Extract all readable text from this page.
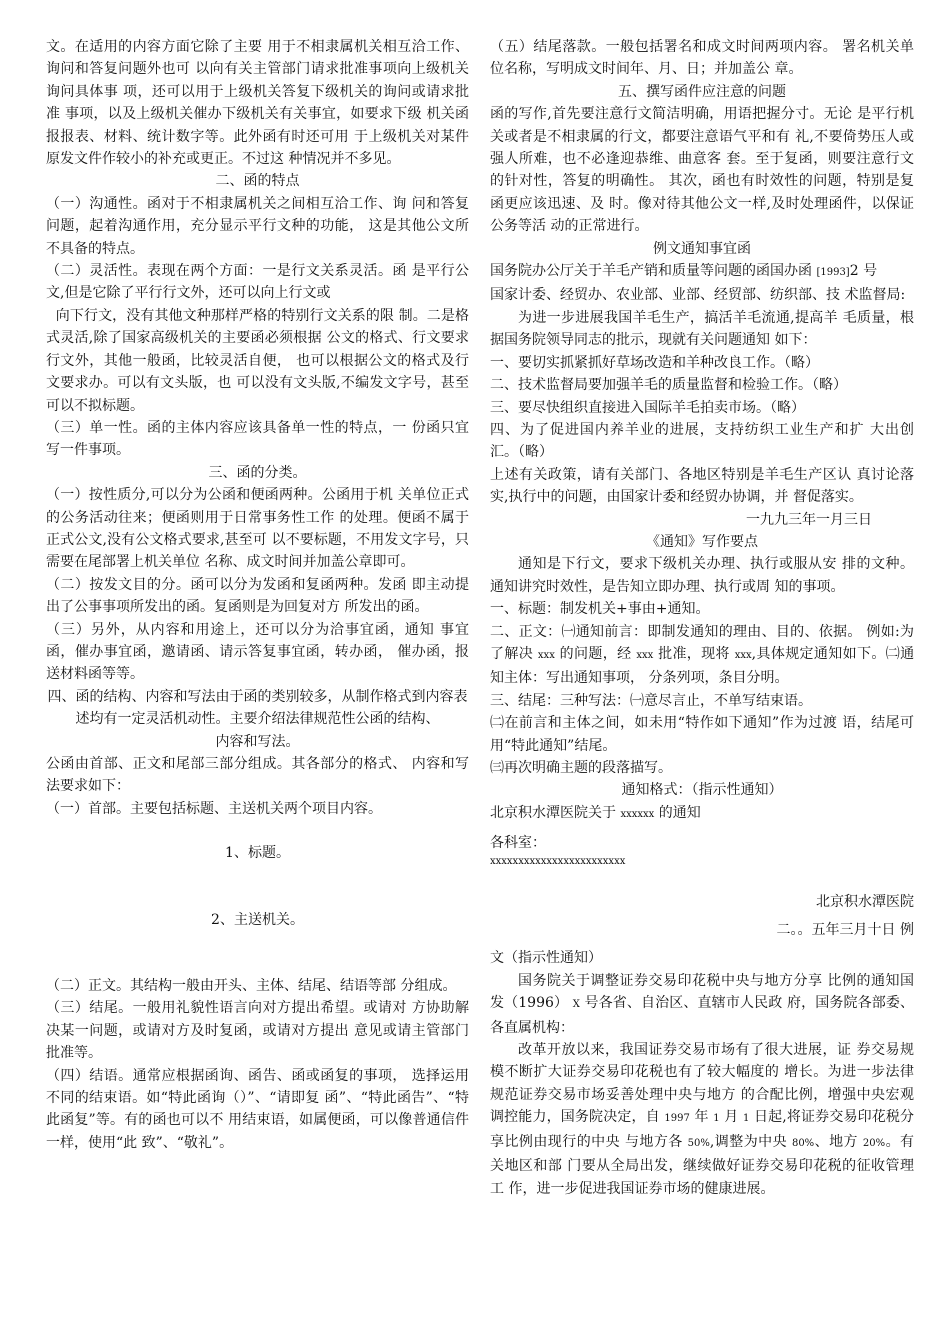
文。在适用的内容方面它除了主要 用于不相隶属机关相互洽工作、询问和答复问题外也可 以向有关主管部门请求批准事项向上级机关询问具体事 项，还可以用于上级机关答复下级机关的询问或请求批准 事项，以及上级机关催办下级机关有关事宜，如要求下级 机关函报报表、材料、统计数字等。此外函有时还可用 于上级机关对某件原发文件作较小的补充或更正。不过这 种情况并不多见。

二、函的特点

（一）沟通性。函对于不相隶属机关之间相互洽工作、询 问和答复问题，起着沟通作用，充分显示平行文种的功能， 这是其他公文所不具备的特点。

（二）灵活性。表现在两个方面：一是行文关系灵活。函 是平行公文,但是它除了平行行文外，还可以向上行文或

向下行文，没有其他文种那样严格的特别行文关系的限 制。二是格式灵活,除了国家高级机关的主要函必须根据 公文的格式、行文要求行文外，其他一般函，比较灵活自便， 也可以根据公文的格式及行文要求办。可以有文头版，也 可以没有文头版,不编发文字号，甚至可以不拟标题。

（三）单一性。函的主体内容应该具备单一性的特点，一 份函只宜写一件事项。

三、函的分类。

（一）按性质分,可以分为公函和便函两种。公函用于机 关单位正式的公务活动往来；便函则用于日常事务性工作 的处理。便函不属于正式公文,没有公文格式要求,甚至可 以不要标题，不用发文字号，只需要在尾部署上机关单位 名称、成文时间并加盖公章即可。

（二）按发文目的分。函可以分为发函和复函两种。发函 即主动提出了公事事项所发出的函。复函则是为回复对方 所发出的函。

（三）另外，从内容和用途上，还可以分为洽事宜函，通知 事宜函，催办事宜函，邀请函、请示答复事宜函，转办函， 催办函，报送材料函等等。

四、函的结构、内容和写法由于函的类别较多，从制作格式到内容表述均有一定灵活机动性。主要介绍法律规范性公函的结构、

内容和写法。

公函由首部、正文和尾部三部分组成。其各部分的格式、 内容和写法要求如下：

（一）首部。主要包括标题、主送机关两个项目内容。

1、标题。

2、主送机关。

（二）正文。其结构一般由开头、主体、结尾、结语等部 分组成。

（三）结尾。一般用礼貌性语言向对方提出希望。或请对 方协助解决某一问题，或请对方及时复函，或请对方提出 意见或请主管部门批准等。

（四）结语。通常应根据函询、函告、函或函复的事项， 选择运用不同的结束语。如“特此函询（）”、“请即复 函”、“特此函告”、“特此函复”等。有的函也可以不 用结束语，如属便函，可以像普通信件一样，使用“此 致”、“敬礼”。

（五）结尾落款。一般包括署名和成文时间两项内容。 署名机关单位名称，写明成文时间年、月、日；并加盖公 章。

五、撰写函件应注意的问题

函的写作,首先要注意行文简洁明确，用语把握分寸。无论 是平行机关或者是不相隶属的行文，都要注意语气平和有 礼,不要倚势压人或强人所难，也不必逢迎恭维、曲意客 套。至于复函，则要注意行文的针对性，答复的明确性。 其次，函也有时效性的问题，特别是复函更应该迅速、及 时。像对待其他公文一样,及时处理函件，以保证公务等活 动的正常进行。

例文通知事宜函

国务院办公厅关于羊毛产销和质量等问题的函国办函 [1993]2 号

国家计委、经贸办、农业部、业部、经贸部、纺织部、技 术监督局:

为进一步进展我国羊毛生产，搞活羊毛流通,提高羊 毛质量，根据国务院领导同志的批示，现就有关问题通知 如下：

一、要切实抓紧抓好草场改造和羊种改良工作。（略）

二、技术监督局要加强羊毛的质量监督和检验工作。（略）

三、要尽快组织直接进入国际羊毛拍卖市场。（略）

四、为了促进国内养羊业的进展，支持纺织工业生产和扩 大出创汇。（略）

上述有关政策，请有关部门、各地区特别是羊毛生产区认 真讨论落实,执行中的问题，由国家计委和经贸办协调，并 督促落实。

一九九三年一月三日

《通知》写作要点

通知是下行文，要求下级机关办理、执行或服从安 排的文种。通知讲究时效性，是告知立即办理、执行或周 知的事项。

一、标题：制发机关+事由+通知。

二、正文：㈠通知前言：即制发通知的理由、目的、依据。 例如:为了解决 xxx 的问题，经 xxx 批准，现将 xxx,具体规定通知如下。㈡通知主体：写出通知事项， 分条列项，条目分明。

三、结尾：三种写法：㈠意尽言止，不单写结束语。

㈡在前言和主体之间，如未用“特作如下通知”作为过渡 语，结尾可用“特此通知”结尾。

㈢再次明确主题的段落描写。

通知格式：（指示性通知）

北京积水潭医院关于 xxxxxx 的通知

各科室：

xxxxxxxxxxxxxxxxxxxxxxxx

北京积水潭医院

二。。五年三月十日 例

文（指示性通知）

国务院关于调整证券交易印花税中央与地方分享 比例的通知国发（1996） X 号各省、自治区、直辖市人民政 府，国务院各部委、各直属机构：

改革开放以来，我国证券交易市场有了很大进展，证 券交易规模不断扩大证券交易印花税也有了较大幅度的 增长。为进一步法律规范证券交易市场妥善处理中央与地方 的合配比例，增强中央宏观调控能力，国务院决定，自 1997 年 1 月 1 日起,将证券交易印花税分享比例由现行的中央 与地方各 50%,调整为中央 80%、地方 20%。有关地区和部 门要从全局出发，继续做好证券交易印花税的征收管理工 作，进一步促进我国证券市场的健康进展。
